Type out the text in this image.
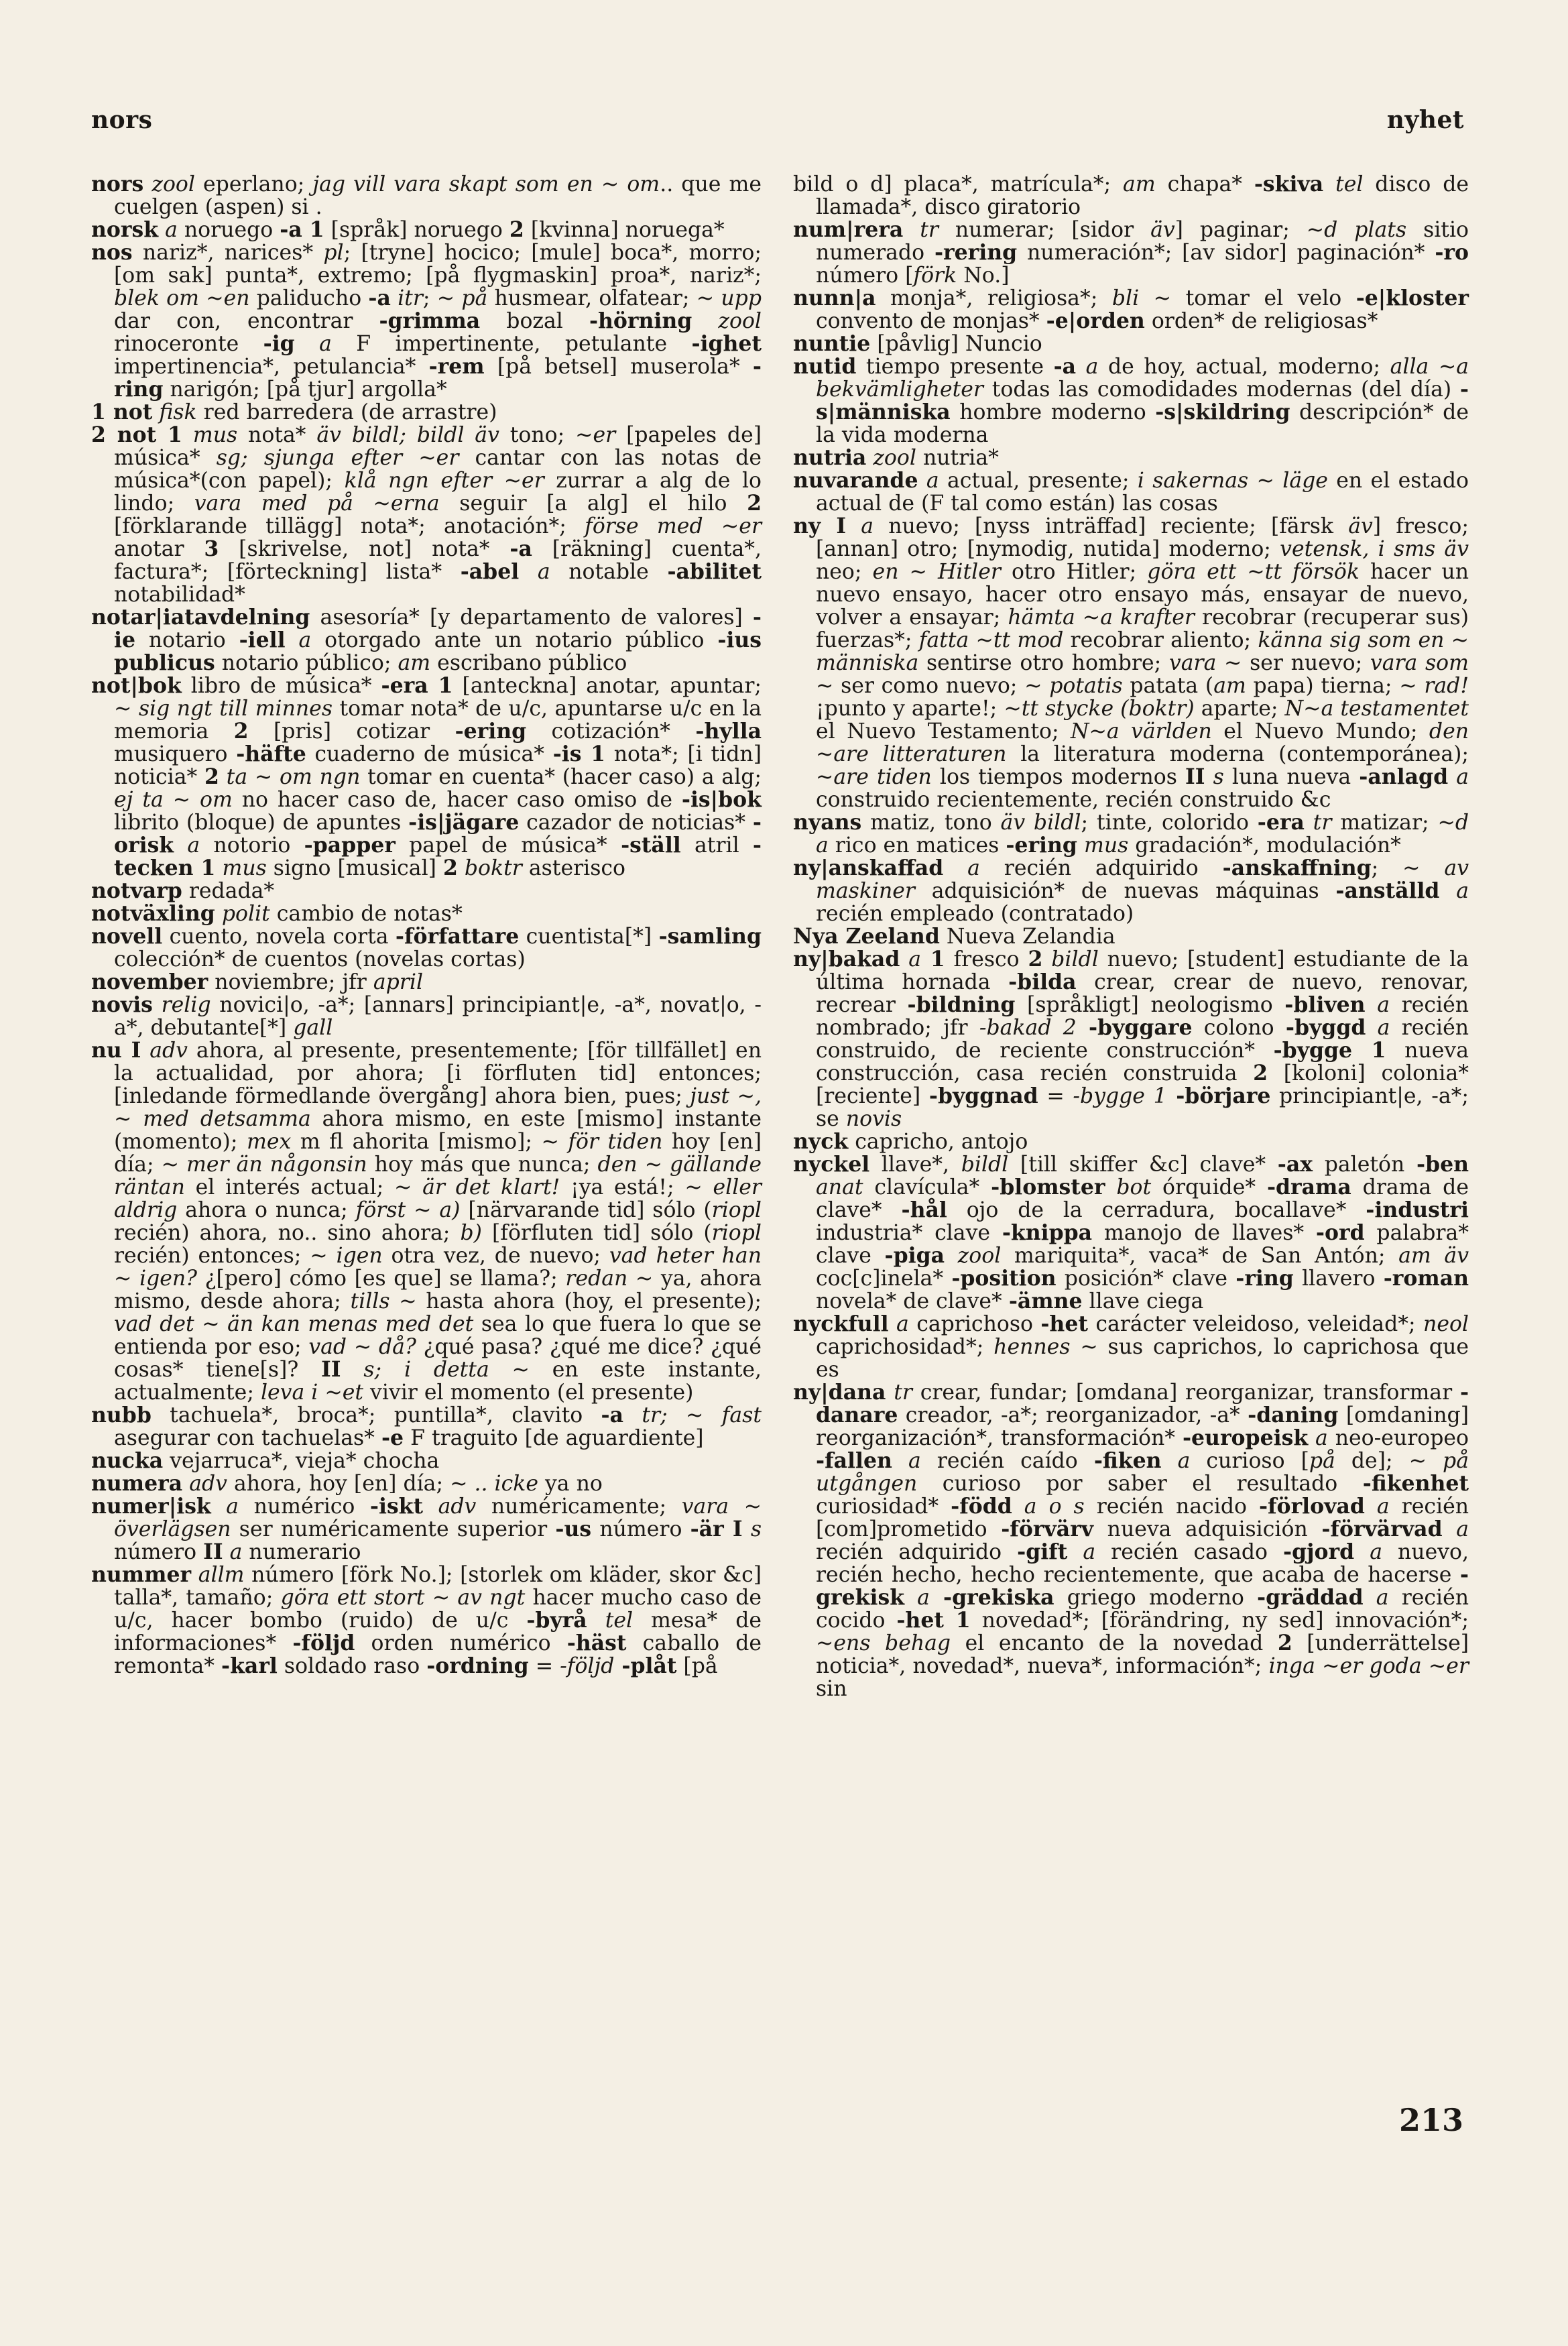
nors	nyhet

nors zool eperlano; jag vill vara skapt som en ~ om.. que me cuelgen (aspen) si .

norsk a noruego -a 1 [språk] noruego 2 [kvinna] noruega*

nos nariz*, narices* pl; [tryne] hocico; [mule] boca*, morro; [om sak] punta*, extremo; [på flygmaskin] proa*, nariz*; blek om ~en paliducho -a itr; ~ på husmear, olfatear; ~ upp dar con, encontrar -grimma bozal -hörning zool rinoceronte -ig a F impertinente, petulante -ighet impertinencia*, petulancia* -rem [på betsel] muserola* -ring narigón; [på tjur] argolla*

1 not fisk red barredera (de arrastre)

2 not 1 mus nota* äv bildl; bildl äv tono; ~er [papeles de] música* sg; sjunga efter ~er cantar con las notas de música*(con papel); klå ngn efter ~er zurrar a alg de lo lindo; vara med på ~erna seguir [a alg] el hilo 2 [förklarande tillägg] nota*; anotación*; förse med ~er anotar 3 [skrivelse, not] nota* -a [räkning] cuenta*, factura*; [förteckning] lista* -abel a notable -abilitet notabilidad*

notar|iatavdelning asesoría* [y departamento de valores] -ie notario -iell a otorgado ante un notario público -ius publicus notario público; am escribano público

not|bok libro de música* -era 1 [anteckna] anotar, apuntar; ~ sig ngt till minnes tomar nota* de u/c, apuntarse u/c en la memoria 2 [pris] cotizar -ering cotización* -hylla musiquero -häfte cuaderno de música* -is 1 nota*; [i tidn] noticia* 2 ta ~ om ngn tomar en cuenta* (hacer caso) a alg; ej ta ~ om no hacer caso de, hacer caso omiso de -is|bok librito (bloque) de apuntes -is|jägare cazador de noticias* -orisk a notorio -papper papel de música* -ställ atril -tecken 1 mus signo [musical] 2 boktr asterisco

notvarp redada*

notväxling polit cambio de notas*

novell cuento, novela corta -författare cuentista[*] -samling colección* de cuentos (novelas cortas)

november noviembre; jfr april

novis relig novici|o, -a*; [annars] principiant|e, -a*, novat|o, -a*, debutante[*] gall

nu I adv ahora, al presente, presentemente; [för tillfället] en la actualidad, por ahora; [i förfluten tid] entonces; [inledande förmedlande övergång] ahora bien, pues; just ~, ~ med detsamma ahora mismo, en este [mismo] instante (momento); mex m fl ahorita [mismo]; ~ för tiden hoy [en] día; ~ mer än någonsin hoy más que nunca; den ~ gällande räntan el interés actual; ~ är det klart! ¡ya está!; ~ eller aldrig ahora o nunca; först ~ a) [närvarande tid] sólo (riopl recién) ahora, no.. sino ahora; b) [förfluten tid] sólo (riopl recién) entonces; ~ igen otra vez, de nuevo; vad heter han ~ igen? ¿[pero] cómo [es que] se llama?; redan ~ ya, ahora mismo, desde ahora; tills ~ hasta ahora (hoy, el presente); vad det ~ än kan menas med det sea lo que fuera lo que se entienda por eso; vad ~ då? ¿qué pasa? ¿qué me dice? ¿qué cosas* tiene[s]? II s; i detta ~ en este instante, actualmente; leva i ~et vivir el momento (el presente)

nubb tachuela*, broca*; puntilla*, clavito -a tr; ~ fast asegurar con tachuelas* -e F traguito [de aguardiente]

nucka vejarruca*, vieja* chocha

numera adv ahora, hoy [en] día; ~ .. icke ya no

numer|isk a numérico -iskt adv numéricamente; vara ~ överlägsen ser numéricamente superior -us número -är I s número II a numerario

nummer allm número [förk No.]; [storlek om kläder, skor &c] talla*, tamaño; göra ett stort ~ av ngt hacer mucho caso de u/c, hacer bombo (ruido) de u/c -byrå tel mesa* de informaciones* -följd orden numérico -häst caballo de remonta* -karl soldado raso -ordning = -följd -plåt [på

bild o d] placa*, matrícula*; am chapa* -skiva tel disco de llamada*, disco giratorio

num|rera tr numerar; [sidor äv] paginar; ~d plats sitio numerado -rering numeración*; [av sidor] paginación* -ro número [förk No.]

nunn|a monja*, religiosa*; bli ~ tomar el velo -e|kloster convento de monjas* -e|orden orden* de religiosas*

nuntie [påvlig] Nuncio

nutid tiempo presente -a a de hoy, actual, moderno; alla ~a bekvämligheter todas las comodidades modernas (del día) -s|människa hombre moderno -s|skildring descripción* de la vida moderna

nutria zool nutria*

nuvarande a actual, presente; i sakernas ~ läge en el estado actual de (F tal como están) las cosas

ny I a nuevo; [nyss inträffad] reciente; [färsk äv] fresco; [annan] otro; [nymodig, nutida] moderno; vetensk, i sms äv neo; en ~ Hitler otro Hitler; göra ett ~tt försök hacer un nuevo ensayo, hacer otro ensayo más, ensayar de nuevo, volver a ensayar; hämta ~a krafter recobrar (recuperar sus) fuerzas*; fatta ~tt mod recobrar aliento; känna sig som en ~ människa sentirse otro hombre; vara ~ ser nuevo; vara som ~ ser como nuevo; ~ potatis patata (am papa) tierna; ~ rad! ¡punto y aparte!; ~tt stycke (boktr) aparte; N~a testamentet el Nuevo Testamento; N~a världen el Nuevo Mundo; den ~are litteraturen la literatura moderna (contemporánea); ~are tiden los tiempos modernos II s luna nueva -anlagd a construido recientemente, recién construido &c

nyans matiz, tono äv bildl; tinte, colorido -era tr matizar; ~d a rico en matices -ering mus gradación*, modulación*

ny|anskaffad a recién adquirido -anskaffning; ~ av maskiner adquisición* de nuevas máquinas -anställd a recién empleado (contratado)

Nya Zeeland Nueva Zelandia

ny|bakad a 1 fresco 2 bildl nuevo; [student] estudiante de la última hornada -bilda crear, crear de nuevo, renovar, recrear -bildning [språkligt] neologismo -bliven a recién nombrado; jfr -bakad 2 -byggare colono -byggd a recién construido, de reciente construcción* -bygge 1 nueva construcción, casa recién construida 2 [koloni] colonia* [reciente] -byggnad = -bygge 1 -börjare principiant|e, -a*; se novis

nyck capricho, antojo

nyckel llave*, bildl [till skiffer &c] clave* -ax paletón -ben anat clavícula* -blomster bot órquide* -drama drama de clave* -hål ojo de la cerradura, bocallave* -industri industria* clave -knippa manojo de llaves* -ord palabra* clave -piga zool mariquita*, vaca* de San Antón; am äv coc[c]inela* -position posición* clave -ring llavero -roman novela* de clave* -ämne llave ciega

nyckfull a caprichoso -het carácter veleidoso, veleidad*; neol caprichosidad*; hennes ~ sus caprichos, lo caprichosa que es

ny|dana tr crear, fundar; [omdana] reorganizar, transformar -danare creador, -a*; reorganizador, -a* -daning [omdaning] reorganización*, transformación* -europeisk a neo-europeo -fallen a recién caído -fiken a curioso [på de]; ~ på utgången curioso por saber el resultado -fikenhet curiosidad* -född a o s recién nacido -förlovad a recién [com]prometido -förvärv nueva adquisición -förvärvad a recién adquirido -gift a recién casado -gjord a nuevo, recién hecho, hecho recientemente, que acaba de hacerse -grekisk a -grekiska griego moderno -gräddad a recién cocido -het 1 novedad*; [förändring, ny sed] innovación*; ~ens behag el encanto de la novedad 2 [underrättelse] noticia*, novedad*, nueva*, información*; inga ~er goda ~er sin

213
